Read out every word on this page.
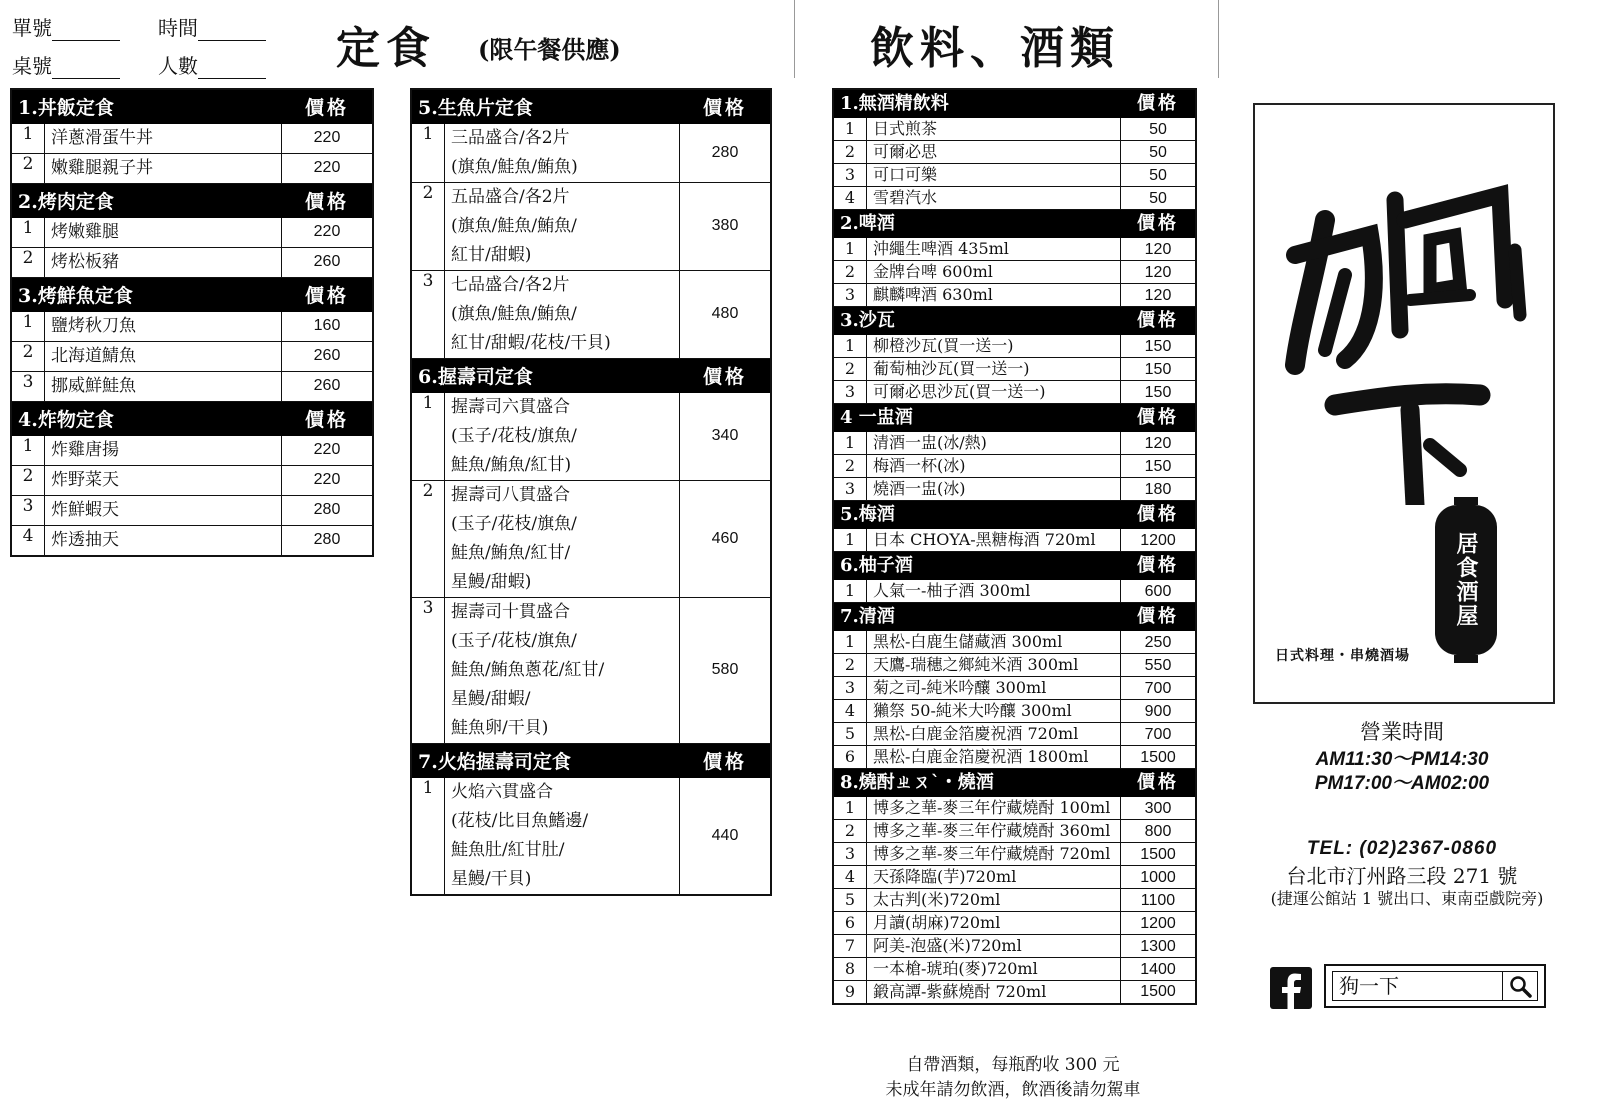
單號	時間
桌號	人數	定食 (限午餐供應)	飲料、酒類
1.丼飯定食		價格
1	洋蔥滑蛋牛丼	220
2	嫩雞腿親子丼	220
2.烤肉定食		價格
1	烤嫩雞腿	220
2	烤松板豬	260
3.烤鮮魚定食		價格
1	鹽烤秋刀魚	160
2	北海道鯖魚	260
3	挪威鮮鮭魚	260
4.炸物定食		價格
1	炸雞唐揚	220
2	炸野菜天	220
3	炸鮮蝦天	280
4	炸透抽天	280
5.生魚片定食		價格
1	三品盛合/各2片
(旗魚/鮭魚/鮪魚)	280
2	五品盛合/各2片
(旗魚/鮭魚/鮪魚/
紅甘/甜蝦)	380
3	七品盛合/各2片
(旗魚/鮭魚/鮪魚/
紅甘/甜蝦/花枝/干貝)	480
6.握壽司定食		價格
1	握壽司六貫盛合
(玉子/花枝/旗魚/
鮭魚/鮪魚/紅甘)	340
2	握壽司八貫盛合
(玉子/花枝/旗魚/
鮭魚/鮪魚/紅甘/
星鰻/甜蝦)	460
3	握壽司十貫盛合
(玉子/花枝/旗魚/
鮭魚/鮪魚蔥花/紅甘/
星鰻/甜蝦/
鮭魚卵/干貝)	580
7.火焰握壽司定食		價格
1	火焰六貫盛合
(花枝/比目魚鰭邊/
鮭魚肚/紅甘肚/
星鰻/干貝)	440
1.無酒精飲料		價格
1	日式煎茶	50
2	可爾必思	50
3	可口可樂	50
4	雪碧汽水	50
2.啤酒		價格
1	沖繩生啤酒 435ml	120
2	金牌台啤 600ml	120
3	麒麟啤酒 630ml	120
3.沙瓦		價格
1	柳橙沙瓦(買一送一)	150
2	葡萄柚沙瓦(買一送一)	150
3	可爾必思沙瓦(買一送一)	150
4 一盅酒		價格
1	清酒一盅(冰/熱)	120
2	梅酒一杯(冰)	150
3	燒酒一盅(冰)	180
5.梅酒		價格
1	日本 CHOYA-黑糖梅酒 720ml	1200
6.柚子酒		價格
1	人氣一-柚子酒 300ml	600
7.清酒		價格
1	黑松-白鹿生儲藏酒 300ml	250
2	天鷹-瑞穗之鄉純米酒 300ml	550
3	菊之司-純米吟釀 300ml	700
4	獺祭 50-純米大吟釀 300ml	900
5	黑松-白鹿金箔慶祝酒 720ml	700
6	黑松-白鹿金箔慶祝酒 1800ml	1500
8.燒酎ㄓㄡˋ・燒酒		價格
1	博多之華-麥三年佇藏燒酎 100ml	300
2	博多之華-麥三年佇藏燒酎 360ml	800
3	博多之華-麥三年佇藏燒酎 720ml	1500
4	天孫降臨(芋)720ml	1000
5	太古判(米)720ml	1100
6	月讀(胡麻)720ml	1200
7	阿美-泡盛(米)720ml	1300
8	一本槍-琥珀(麥)720ml	1400
9	鍛高譚-紫蘇燒酎 720ml	1500
自帶酒類，每瓶酌收 300 元
未成年請勿飲酒，飲酒後請勿駕車
居食酒屋
日式料理・串燒酒場
營業時間
AM11:30～PM14:30
PM17:00～AM02:00
TEL: (02)2367-0860
台北市汀州路三段 271 號
(捷運公館站 1 號出口、東南亞戲院旁)
狗一下
